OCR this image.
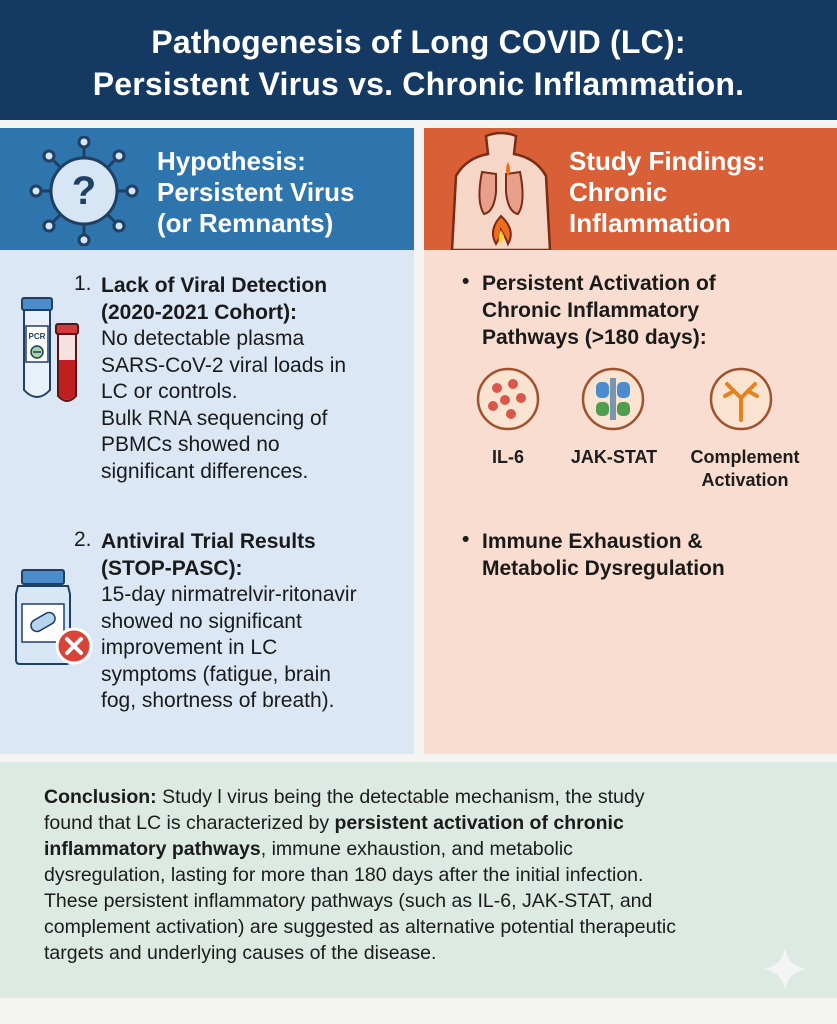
Pathogenesis of Long COVID (LC):
Persistent Virus vs. Chronic Inflammation.
?
Hypothesis:
Persistent Virus
(or Remnants)
Study Findings:
Chronic
Inflammation
PCR
1. Lack of Viral Detection
(2020-2021 Cohort):
No detectable plasma
SARS-CoV-2 viral loads in
LC or controls.
Bulk RNA sequencing of
PBMCs showed no
significant differences.
2. Antiviral Trial Results
(STOP-PASC):
15-day nirmatrelvir-ritonavir
showed no significant
improvement in LC
symptoms (fatigue, brain
fog, shortness of breath).
• Persistent Activation of
Chronic Inflammatory
Pathways (>180 days):
IL-6	JAK-STAT	Complement
Activation
• Immune Exhaustion &
Metabolic Dysregulation
Conclusion: Study l virus being the detectable mechanism, the study
found that LC is characterized by persistent activation of chronic
inflammatory pathways, immune exhaustion, and metabolic
dysregulation, lasting for more than 180 days after the initial infection.
These persistent inflammatory pathways (such as IL-6, JAK-STAT, and
complement activation) are suggested as alternative potential therapeutic
targets and underlying causes of the disease.
